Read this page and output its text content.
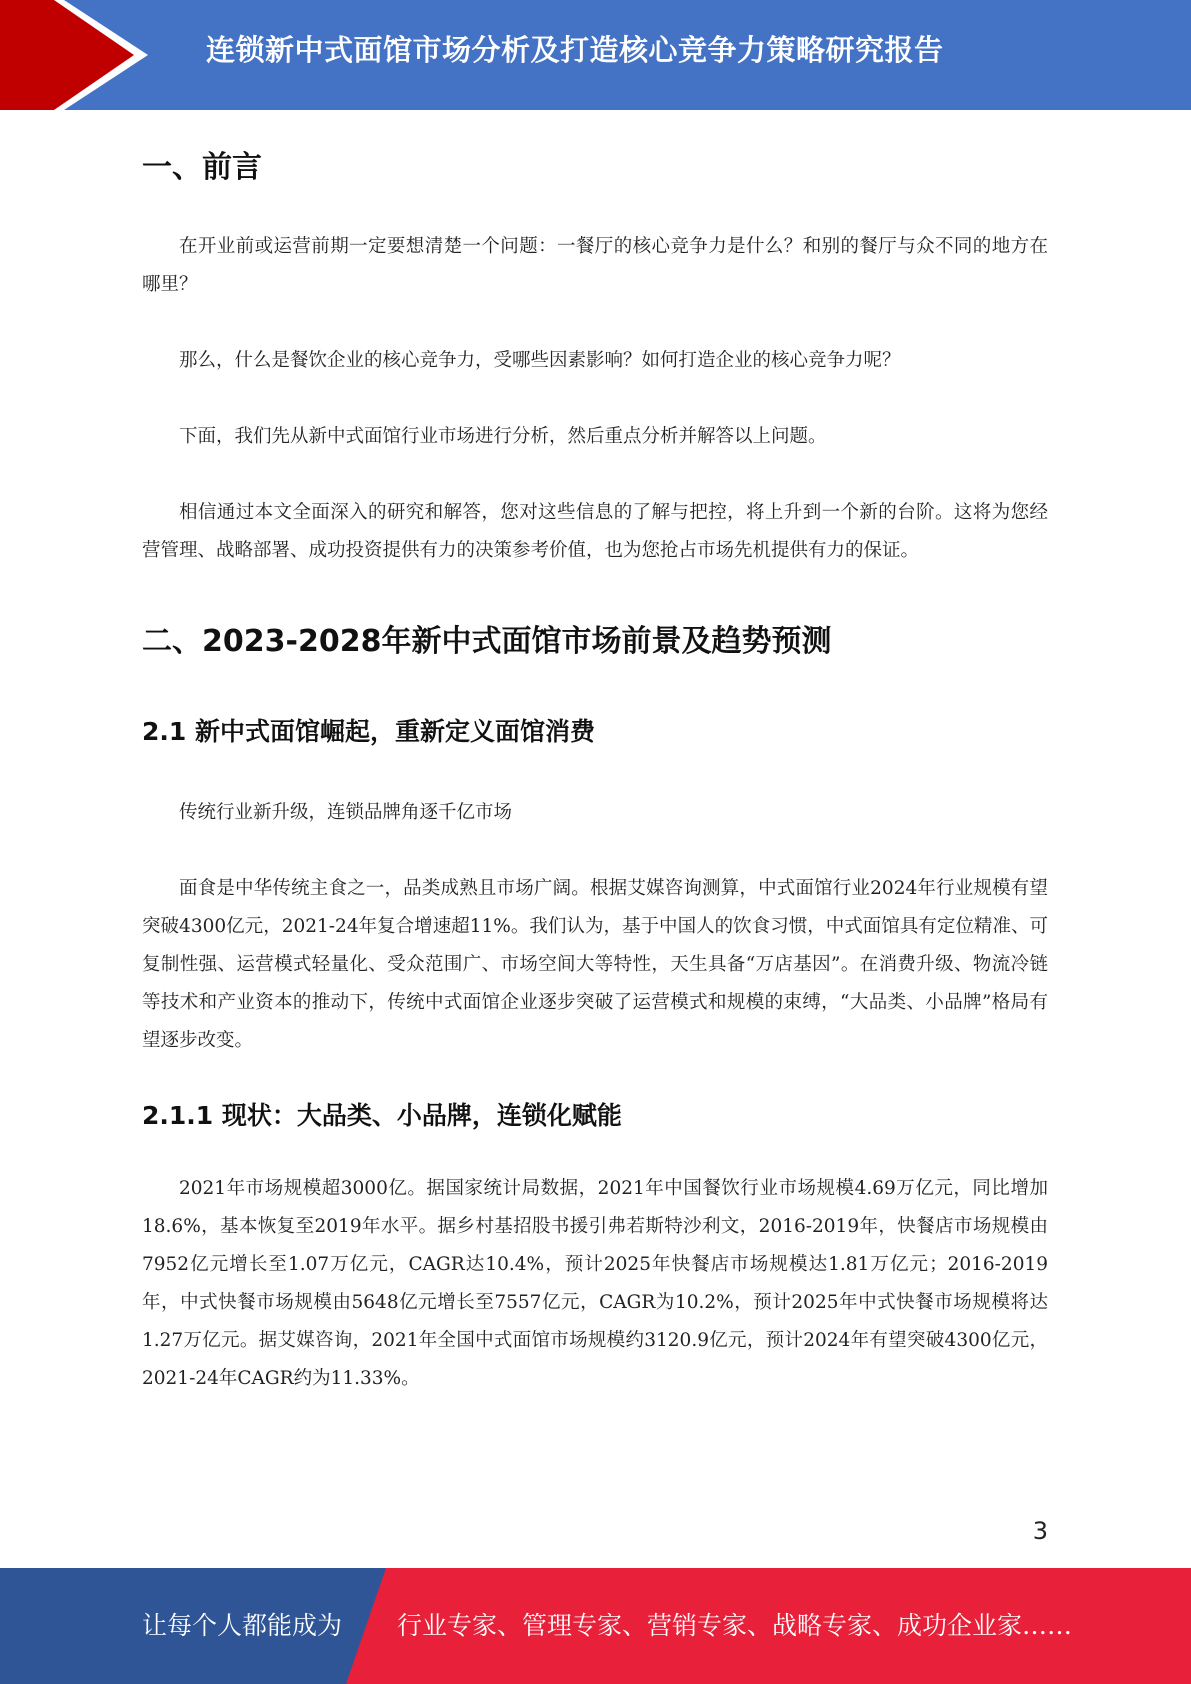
连锁新中式面馆市场分析及打造核心竞争力策略研究报告
一、前言

在开业前或运营前期一定要想清楚一个问题：一餐厅的核心竞争力是什么？和别的餐厅与众不同的地方在哪里？

那么，什么是餐饮企业的核心竞争力，受哪些因素影响？如何打造企业的核心竞争力呢？

下面，我们先从新中式面馆行业市场进行分析，然后重点分析并解答以上问题。

相信通过本文全面深入的研究和解答，您对这些信息的了解与把控，将上升到一个新的台阶。这将为您经营管理、战略部署、成功投资提供有力的决策参考价值，也为您抢占市场先机提供有力的保证。

二、2023-2028年新中式面馆市场前景及趋势预测
2.1 新中式面馆崛起，重新定义面馆消费

传统行业新升级，连锁品牌角逐千亿市场

面食是中华传统主食之一，品类成熟且市场广阔。根据艾媒咨询测算，中式面馆行业2024年行业规模有望突破4300亿元，2021-24年复合增速超11%。我们认为，基于中国人的饮食习惯，中式面馆具有定位精准、可复制性强、运营模式轻量化、受众范围广、市场空间大等特性，天生具备“万店基因”。在消费升级、物流冷链等技术和产业资本的推动下，传统中式面馆企业逐步突破了运营模式和规模的束缚，“大品类、小品牌”格局有望逐步改变。

2.1.1 现状：大品类、小品牌，连锁化赋能

2021年市场规模超3000亿。据国家统计局数据，2021年中国餐饮行业市场规模4.69万亿元，同比增加18.6%，基本恢复至2019年水平。据乡村基招股书援引弗若斯特沙利文，2016-2019年，快餐店市场规模由7952亿元增长至1.07万亿元，CAGR达10.4%，预计2025年快餐店市场规模达1.81万亿元；2016-2019年，中式快餐市场规模由5648亿元增长至7557亿元，CAGR为10.2%，预计2025年中式快餐市场规模将达1.27万亿元。据艾媒咨询，2021年全国中式面馆市场规模约3120.9亿元，预计2024年有望突破4300亿元，2021-24年CAGR约为11.33%。

3
让每个人都能成为 行业专家、管理专家、营销专家、战略专家、成功企业家……
